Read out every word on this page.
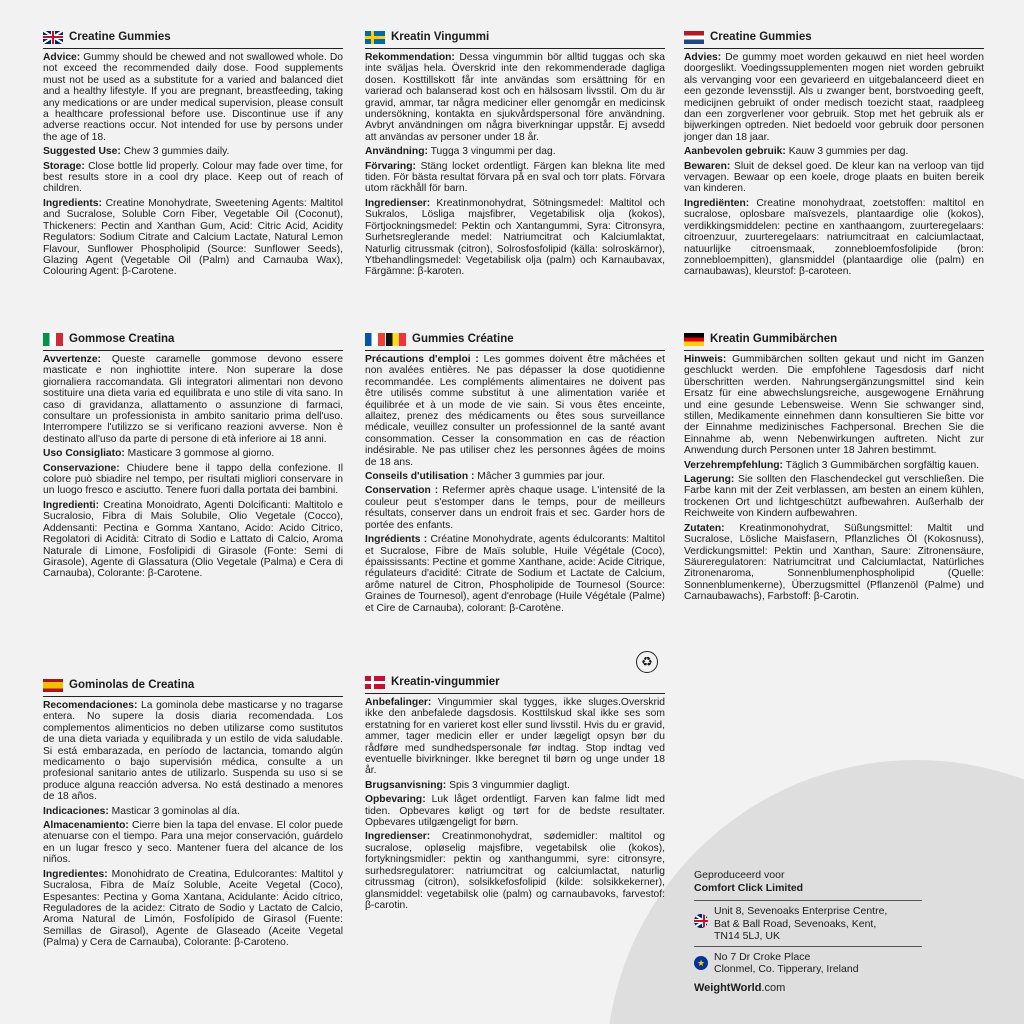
Creatine Gummies
Advice: Gummy should be chewed and not swallowed whole. Do not exceed the recommended daily dose. Food supplements must not be used as a substitute for a varied and balanced diet and a healthy lifestyle. If you are pregnant, breastfeeding, taking any medications or are under medical supervision, please consult a healthcare professional before use. Discontinue use if any adverse reactions occur. Not intended for use by persons under the age of 18.
Suggested Use: Chew 3 gummies daily.
Storage: Close bottle lid properly. Colour may fade over time, for best results store in a cool dry place. Keep out of reach of children.
Ingredients: Creatine Monohydrate, Sweetening Agents: Maltitol and Sucralose, Soluble Corn Fiber, Vegetable Oil (Coconut), Thickeners: Pectin and Xanthan Gum, Acid: Citric Acid, Acidity Regulators: Sodium Citrate and Calcium Lactate, Natural Lemon Flavour, Sunflower Phospholipid (Source: Sunflower Seeds), Glazing Agent (Vegetable Oil (Palm) and Carnauba Wax), Colouring Agent: β-Carotene.
Gommose Creatina
Avvertenze: Queste caramelle gommose devono essere masticate e non inghiottite intere. Non superare la dose giornaliera raccomandata. Gli integratori alimentari non devono sostituire una dieta varia ed equilibrata e uno stile di vita sano. In caso di gravidanza, allattamento o assunzione di farmaci, consultare un professionista in ambito sanitario prima dell'uso. Interrompere l'utilizzo se si verificano reazioni avverse. Non è destinato all'uso da parte di persone di età inferiore ai 18 anni.
Uso Consigliato: Masticare 3 gommose al giorno.
Conservazione: Chiudere bene il tappo della confezione. Il colore può sbiadire nel tempo, per risultati migliori conservare in un luogo fresco e asciutto. Tenere fuori dalla portata dei bambini.
Ingredienti: Creatina Monoidrato, Agenti Dolcificanti: Maltitolo e Sucralosio, Fibra di Mais Solubile, Olio Vegetale (Cocco), Addensanti: Pectina e Gomma Xantano, Acido: Acido Citrico, Regolatori di Acidità: Citrato di Sodio e Lattato di Calcio, Aroma Naturale di Limone, Fosfolipidi di Girasole (Fonte: Semi di Girasole), Agente di Glassatura (Olio Vegetale (Palma) e Cera di Carnauba), Colorante: β-Carotene.
Gominolas de Creatina
Recomendaciones: La gominola debe masticarse y no tragarse entera. No supere la dosis diaria recomendada. Los complementos alimenticios no deben utilizarse como sustitutos de una dieta variada y equilibrada y un estilo de vida saludable. Si está embarazada, en período de lactancia, tomando algún medicamento o bajo supervisión médica, consulte a un profesional sanitario antes de utilizarlo. Suspenda su uso si se produce alguna reacción adversa. No está destinado a menores de 18 años.
Indicaciones: Masticar 3 gominolas al día.
Almacenamiento: Cierre bien la tapa del envase. El color puede atenuarse con el tiempo. Para una mejor conservación, guárdelo en un lugar fresco y seco. Mantener fuera del alcance de los niños.
Ingredientes: Monohidrato de Creatina, Edulcorantes: Maltitol y Sucralosa, Fibra de Maíz Soluble, Aceite Vegetal (Coco), Espesantes: Pectina y Goma Xantana, Acidulante: Ácido cítrico, Reguladores de la acidez: Citrato de Sodio y Lactato de Calcio, Aroma Natural de Limón, Fosfolípido de Girasol (Fuente: Semillas de Girasol), Agente de Glaseado (Aceite Vegetal (Palma) y Cera de Carnauba), Colorante: β-Caroteno.
Kreatin Vingummi
Rekommendation: Dessa vingummin bör alltid tuggas och ska inte sväljas hela. Överskrid inte den rekommenderade dagliga dosen. Kosttillskott får inte användas som ersättning för en varierad och balanserad kost och en hälsosam livsstil. Om du är gravid, ammar, tar några mediciner eller genomgår en medicinsk undersökning, kontakta en sjukvårdspersonal före användning. Avbryt användningen om några biverkningar uppstår. Ej avsedd att användas av personer under 18 år.
Användning: Tugga 3 vingummi per dag.
Förvaring: Stäng locket ordentligt. Färgen kan blekna lite med tiden. För bästa resultat förvara på en sval och torr plats. Förvara utom räckhåll för barn.
Ingredienser: Kreatinmonohydrat, Sötningsmedel: Maltitol och Sukralos, Lösliga majsfibrer, Vegetabilisk olja (kokos), Förtjockningsmedel: Pektin och Xantangummi, Syra: Citronsyra, Surhetsreglerande medel: Natriumcitrat och Kalciumlaktat, Naturlig citrussmak (citron), Solrosfosfolipid (källa: solroskärnor), Ytbehandlingsmedel: Vegetabilisk olja (palm) och Karnaubavax, Färgämne: β-karoten.
Gummies Créatine
Précautions d'emploi : Les gommes doivent être mâchées et non avalées entières. Ne pas dépasser la dose quotidienne recommandée. Les compléments alimentaires ne doivent pas être utilisés comme substitut à une alimentation variée et équilibrée et à un mode de vie sain. Si vous êtes enceinte, allaitez, prenez des médicaments ou êtes sous surveillance médicale, veuillez consulter un professionnel de la santé avant consommation. Cesser la consommation en cas de réaction indésirable. Ne pas utiliser chez les personnes âgées de moins de 18 ans.
Conseils d'utilisation : Mâcher 3 gummies par jour.
Conservation : Refermer après chaque usage. L'intensité de la couleur peut s'estomper dans le temps, pour de meilleurs résultats, conserver dans un endroit frais et sec. Garder hors de portée des enfants.
Ingrédients : Créatine Monohydrate, agents édulcorants: Maltitol et Sucralose, Fibre de Maïs soluble, Huile Végétale (Coco), épaississants: Pectine et gomme Xanthane, acide: Acide Citrique, régulateurs d'acidité: Citrate de Sodium et Lactate de Calcium, arôme naturel de Citron, Phospholipide de Tournesol (Source: Graines de Tournesol), agent d'enrobage (Huile Végétale (Palme) et Cire de Carnauba), colorant: β-Carotène.
♻
Kreatin-vingummier
Anbefalinger: Vingummier skal tygges, ikke sluges.Overskrid ikke den anbefalede dagsdosis. Kosttilskud skal ikke ses som erstatning for en varieret kost eller sund livsstil. Hvis du er gravid, ammer, tager medicin eller er under lægeligt opsyn bør du rådføre med sundhedspersonale før indtag. Stop indtag ved eventuelle bivirkninger. Ikke beregnet til børn og unge under 18 år.
Brugsanvisning: Spis 3 vingummier dagligt.
Opbevaring: Luk låget ordentligt. Farven kan falme lidt med tiden. Opbevares køligt og tørt for de bedste resultater. Opbevares utilgængeligt for børn.
Ingredienser: Creatinmonohydrat, sødemidler: maltitol og sucralose, opløselig majsfibre, vegetabilsk olie (kokos), fortykningsmidler: pektin og xanthangummi, syre: citronsyre, surhedsregulatorer: natriumcitrat og calciumlactat, naturlig citrussmag (citron), solsikkefosfolipid (kilde: solsikkekerner), glansmiddel: vegetabilsk olie (palm) og carnaubavoks, farvestof: β-carotin.
Creatine Gummies
Advies: De gummy moet worden gekauwd en niet heel worden doorgeslikt. Voedingssupplementen mogen niet worden gebruikt als vervanging voor een gevarieerd en uitgebalanceerd dieet en een gezonde levensstijl. Als u zwanger bent, borstvoeding geeft, medicijnen gebruikt of onder medisch toezicht staat, raadpleeg dan een zorgverlener voor gebruik. Stop met het gebruik als er bijwerkingen optreden. Niet bedoeld voor gebruik door personen jonger dan 18 jaar.
Aanbevolen gebruik: Kauw 3 gummies per dag.
Bewaren: Sluit de deksel goed. De kleur kan na verloop van tijd vervagen. Bewaar op een koele, droge plaats en buiten bereik van kinderen.
Ingrediënten: Creatine monohydraat, zoetstoffen: maltitol en sucralose, oplosbare maïsvezels, plantaardige olie (kokos), verdikkingsmiddelen: pectine en xanthaangom, zuurteregelaars: citroenzuur, zuurteregelaars: natriumcitraat en calciumlactaat, natuurlijke citroensmaak, zonnebloemfosfolipide (bron: zonnebloempitten), glansmiddel (plantaardige olie (palm) en carnaubawas), kleurstof: β-caroteen.
Kreatin Gummibärchen
Hinweis: Gummibärchen sollten gekaut und nicht im Ganzen geschluckt werden. Die empfohlene Tagesdosis darf nicht überschritten werden. Nahrungsergänzungsmittel sind kein Ersatz für eine abwechslungsreiche, ausgewogene Ernährung und eine gesunde Lebensweise. Wenn Sie schwanger sind, stillen, Medikamente einnehmen dann konsultieren Sie bitte vor der Einnahme medizinisches Fachpersonal. Brechen Sie die Einnahme ab, wenn Nebenwirkungen auftreten. Nicht zur Anwendung durch Personen unter 18 Jahren bestimmt.
Verzehrempfehlung: Täglich 3 Gummibärchen sorgfältig kauen.
Lagerung: Sie sollten den Flaschendeckel gut verschließen. Die Farbe kann mit der Zeit verblassen, am besten an einem kühlen, trockenen Ort und lichtgeschützt aufbewahren. Außerhalb der Reichweite von Kindern aufbewahren.
Zutaten: Kreatinmonohydrat, Süßungsmittel: Maltit und Sucralose, Lösliche Maisfasern, Pflanzliches Öl (Kokosnuss), Verdickungsmittel: Pektin und Xanthan, Saure: Zitronensäure, Säureregulatoren: Natriumcitrat und Calciumlactat, Natürliches Zitronenaroma, Sonnenblumenphospholipid (Quelle: Sonnenblumenkerne), Überzugsmittel (Pflanzenöl (Palme) und Carnaubawachs), Farbstoff: β-Carotin.
Geproduceerd voor
Comfort Click Limited
Unit 8, Sevenoaks Enterprise Centre,
Bat & Ball Road, Sevenoaks, Kent,
TN14 5LJ, UK
★
No 7 Dr Croke Place
Clonmel, Co. Tipperary, Ireland
WeightWorld.com
